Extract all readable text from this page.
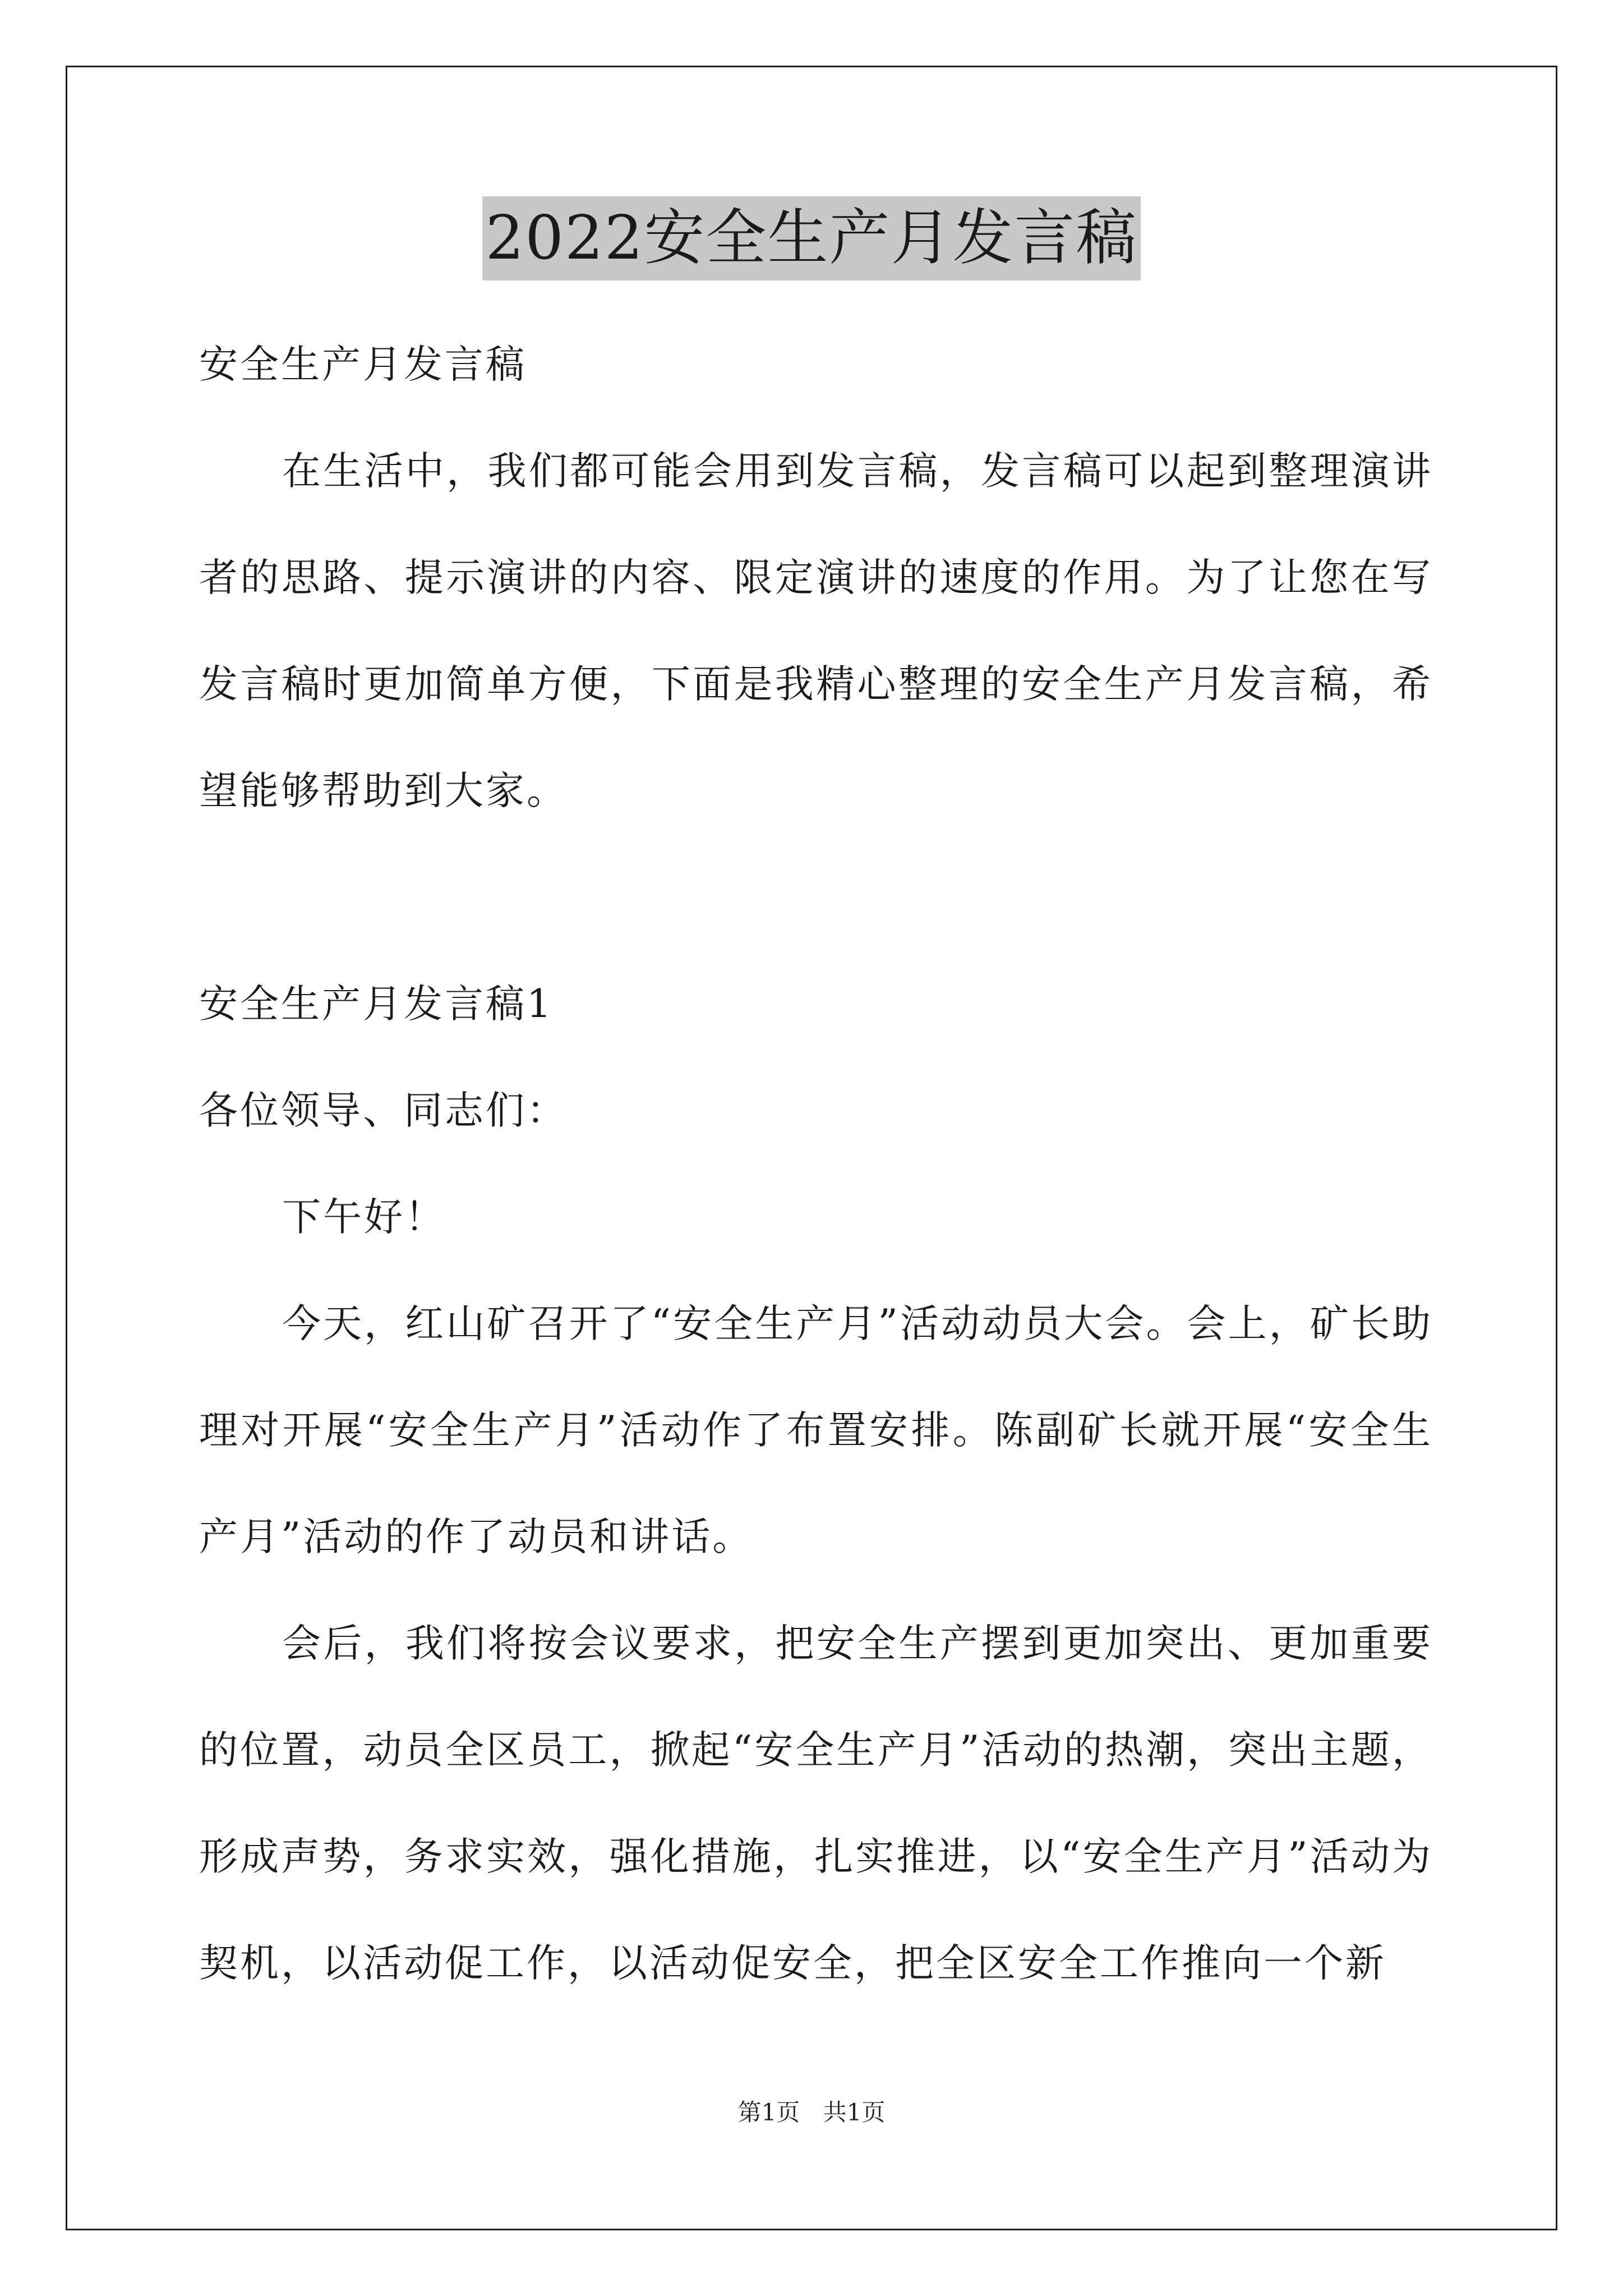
2022安全生产月发言稿

安全生产月发言稿

在生活中，我们都可能会用到发言稿，发言稿可以起到整理演讲者的思路、提示演讲的内容、限定演讲的速度的作用。为了让您在写发言稿时更加简单方便，下面是我精心整理的安全生产月发言稿，希望能够帮助到大家。

安全生产月发言稿1

各位领导、同志们：

下午好！

今天，红山矿召开了“安全生产月”活动动员大会。会上，矿长助理对开展“安全生产月”活动作了布置安排。陈副矿长就开展“安全生产月”活动的作了动员和讲话。

会后，我们将按会议要求，把安全生产摆到更加突出、更加重要的位置，动员全区员工，掀起“安全生产月”活动的热潮，突出主题，形成声势，务求实效，强化措施，扎实推进，以“安全生产月”活动为契机，以活动促工作，以活动促安全，把全区安全工作推向一个新

第1页 共1页
